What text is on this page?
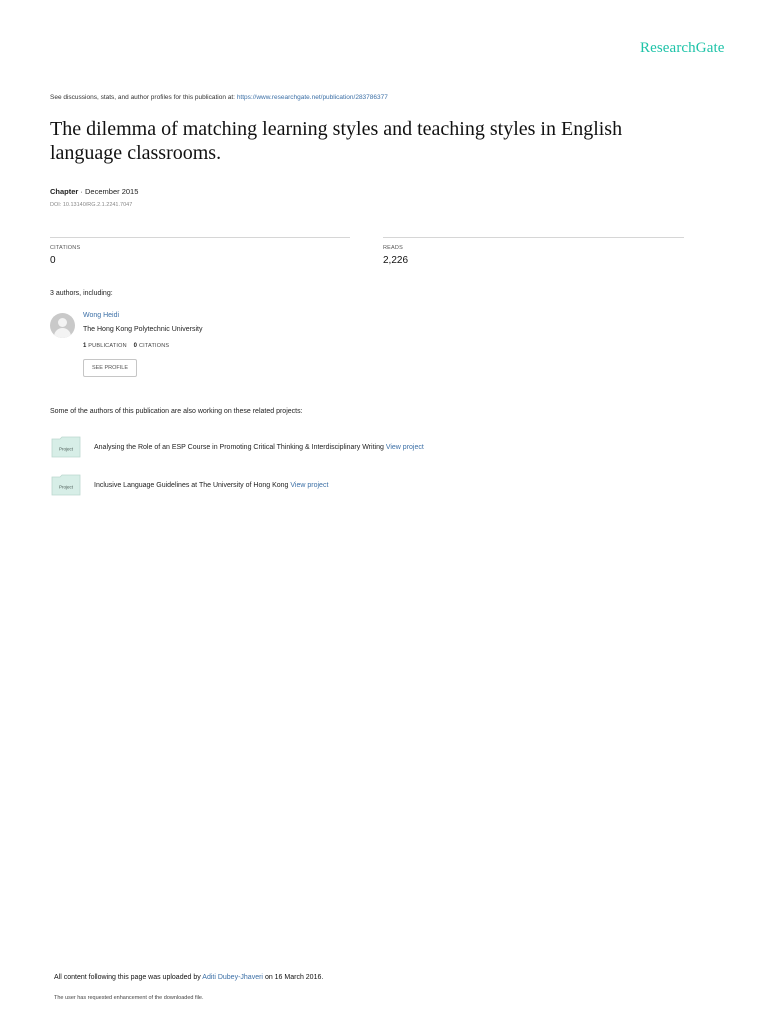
ResearchGate
See discussions, stats, and author profiles for this publication at: https://www.researchgate.net/publication/283786377
The dilemma of matching learning styles and teaching styles in English language classrooms.
Chapter · December 2015
DOI: 10.13140/RG.2.1.2241.7047
CITATIONS
0
READS
2,226
3 authors, including:
Wong Heidi
The Hong Kong Polytechnic University
1 PUBLICATION 0 CITATIONS
SEE PROFILE
Some of the authors of this publication are also working on these related projects:
Project	Analysing the Role of an ESP Course in Promoting Critical Thinking & Interdisciplinary Writing View project
Project	Inclusive Language Guidelines at The University of Hong Kong View project
All content following this page was uploaded by Aditi Dubey-Jhaveri on 16 March 2016.
The user has requested enhancement of the downloaded file.
